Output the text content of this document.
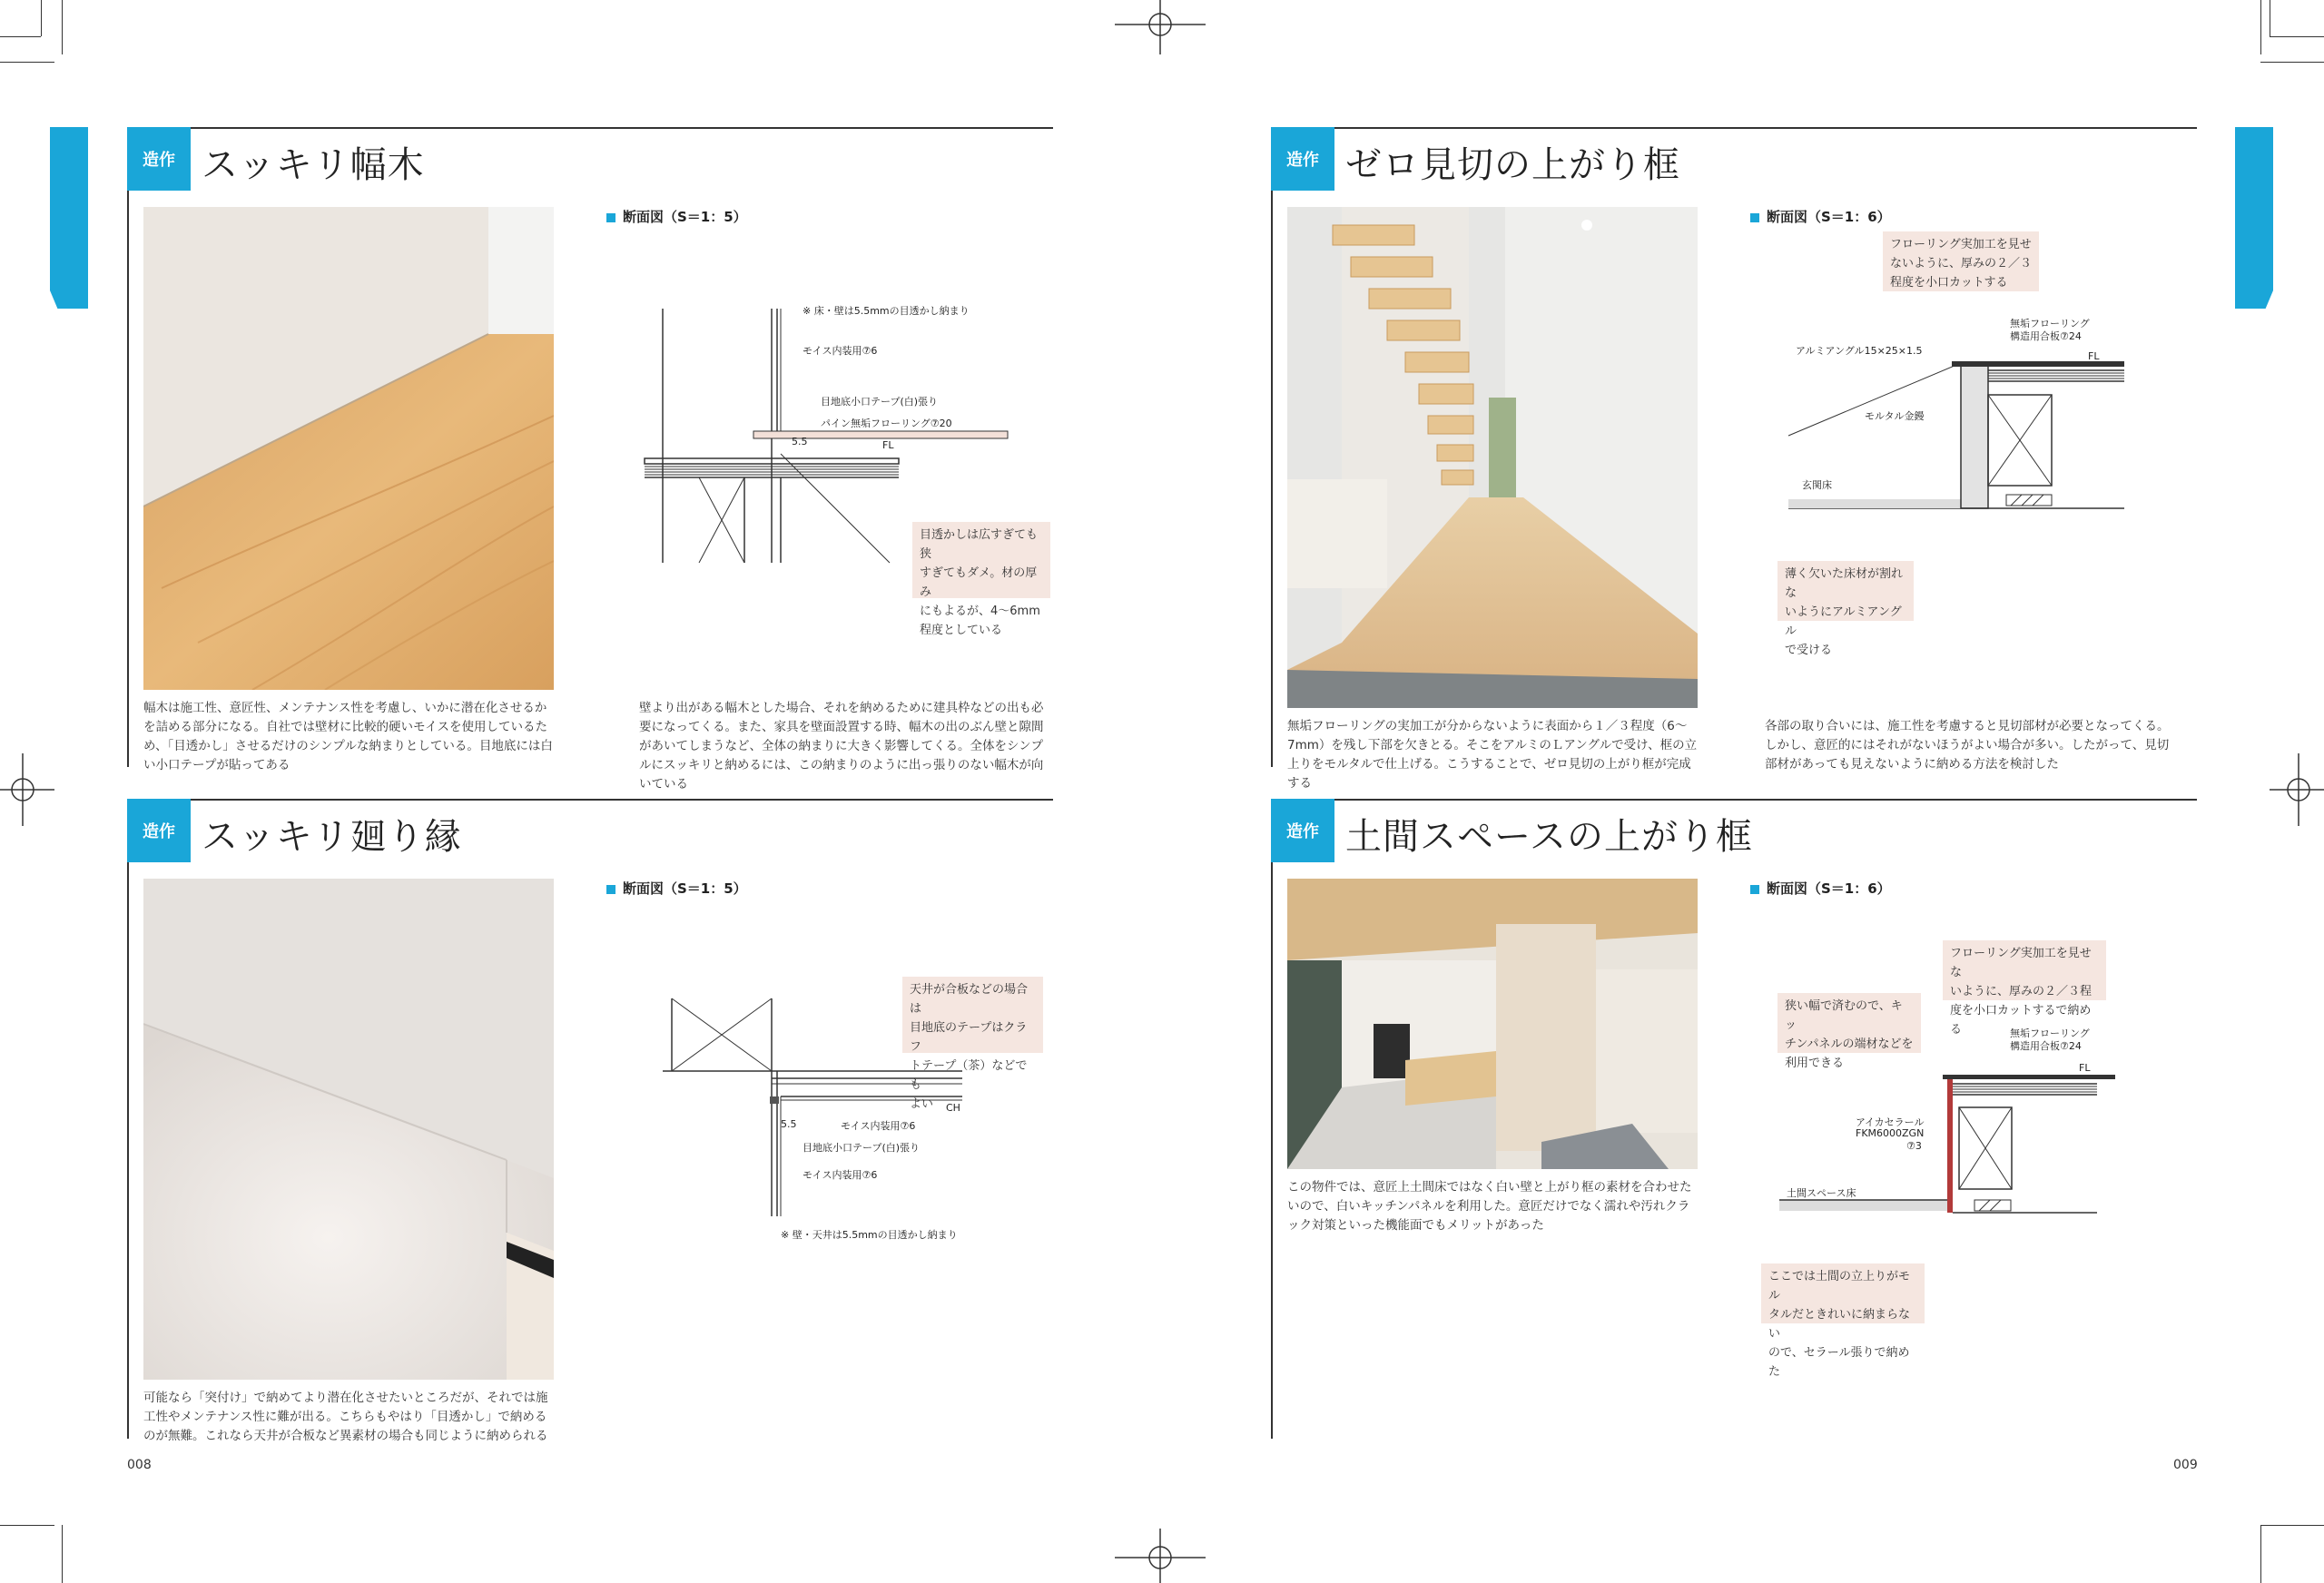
造作 スッキリ幅木
断面図（S＝1：5）
※ 床・壁は5.5mmの目透かし納まり
モイス内装用⑦6
目地底小口テープ(白)張り
パイン無垢フローリング⑦20
5.5	FL
目透かしは広すぎても狭
すぎてもダメ。材の厚み
にもよるが、4～6mm
程度としている
幅木は施工性、意匠性、メンテナンス性を考慮し、いかに潜在化させるかを詰める部分になる。自社では壁材に比較的硬いモイスを使用しているため、「目透かし」させるだけのシンプルな納まりとしている。目地底には白い小口テープが貼ってある
壁より出がある幅木とした場合、それを納めるために建具枠などの出も必要になってくる。また、家具を壁面設置する時、幅木の出のぶん壁と隙間があいてしまうなど、全体の納まりに大きく影響してくる。全体をシンプルにスッキリと納めるには、この納まりのように出っ張りのない幅木が向いている
造作 スッキリ廻り縁
断面図（S＝1：5）
5.5	モイス内装用⑦6
目地底小口テープ(白)張り
モイス内装用⑦6
CH
※ 壁・天井は5.5mmの目透かし納まり
天井が合板などの場合は
目地底のテープはクラフ
トテープ（茶）などでも
よい
可能なら「突付け」で納めてより潜在化させたいところだが、それでは施工性やメンテナンス性に難が出る。こちらもやはり「目透かし」で納めるのが無難。これなら天井が合板など異素材の場合も同じように納められる
008
造作 ゼロ見切の上がり框
断面図（S＝1：6）
無垢フローリング
構造用合板⑦24
アルミアングル15×25×1.5	FL
モルタル金鏝
玄関床
フローリング実加工を見せ
ないように、厚みの２／３
程度を小口カットする
薄く欠いた床材が割れな
いようにアルミアングル
で受ける
無垢フローリングの実加工が分からないように表面から１／３程度（6～7mm）を残し下部を欠きとる。そこをアルミのＬアングルで受け、框の立上りをモルタルで仕上げる。こうすることで、ゼロ見切の上がり框が完成する
各部の取り合いには、施工性を考慮すると見切部材が必要となってくる。しかし、意匠的にはそれがないほうがよい場合が多い。したがって、見切部材があっても見えないように納める方法を検討した
造作 土間スペースの上がり框
この物件では、意匠上土間床ではなく白い壁と上がり框の素材を合わせたいので、白いキッチンパネルを利用した。意匠だけでなく濡れや汚れクラック対策といった機能面でもメリットがあった
断面図（S＝1：6）
無垢フローリング
構造用合板⑦24
FL
アイカセラール
FKM6000ZGN
⑦3
土間スペース床
フローリング実加工を見せな
いように、厚みの２／３程
度を小口カットするで納める
狭い幅で済むので、キッ
チンパネルの端材などを
利用できる
ここでは土間の立上りがモル
タルだときれいに納まらない
ので、セラール張りで納めた
009
